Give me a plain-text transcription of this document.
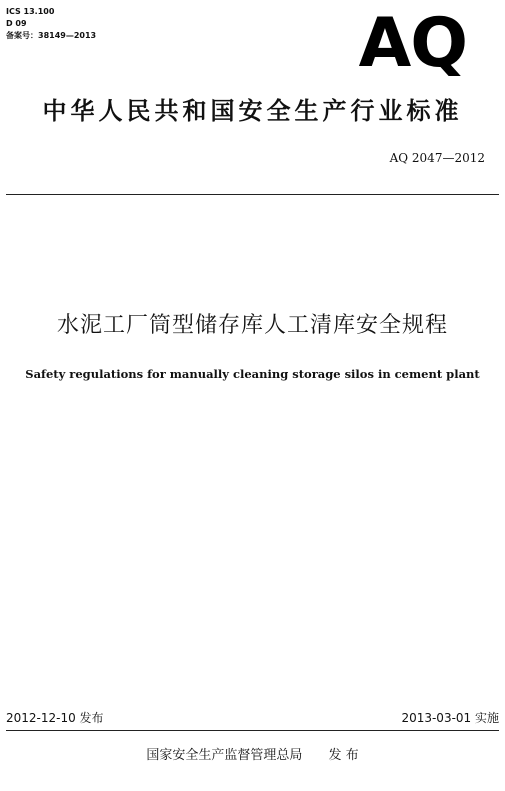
ICS 13.100
D 09
备案号：38149—2013	AQ
中华人民共和国安全生产行业标准
AQ 2047—2012
水泥工厂筒型储存库人工清库安全规程
Safety regulations for manually cleaning storage silos in cement plant
2012-12-10 发布	2013-03-01 实施
国家安全生产监督管理总局 发 布
